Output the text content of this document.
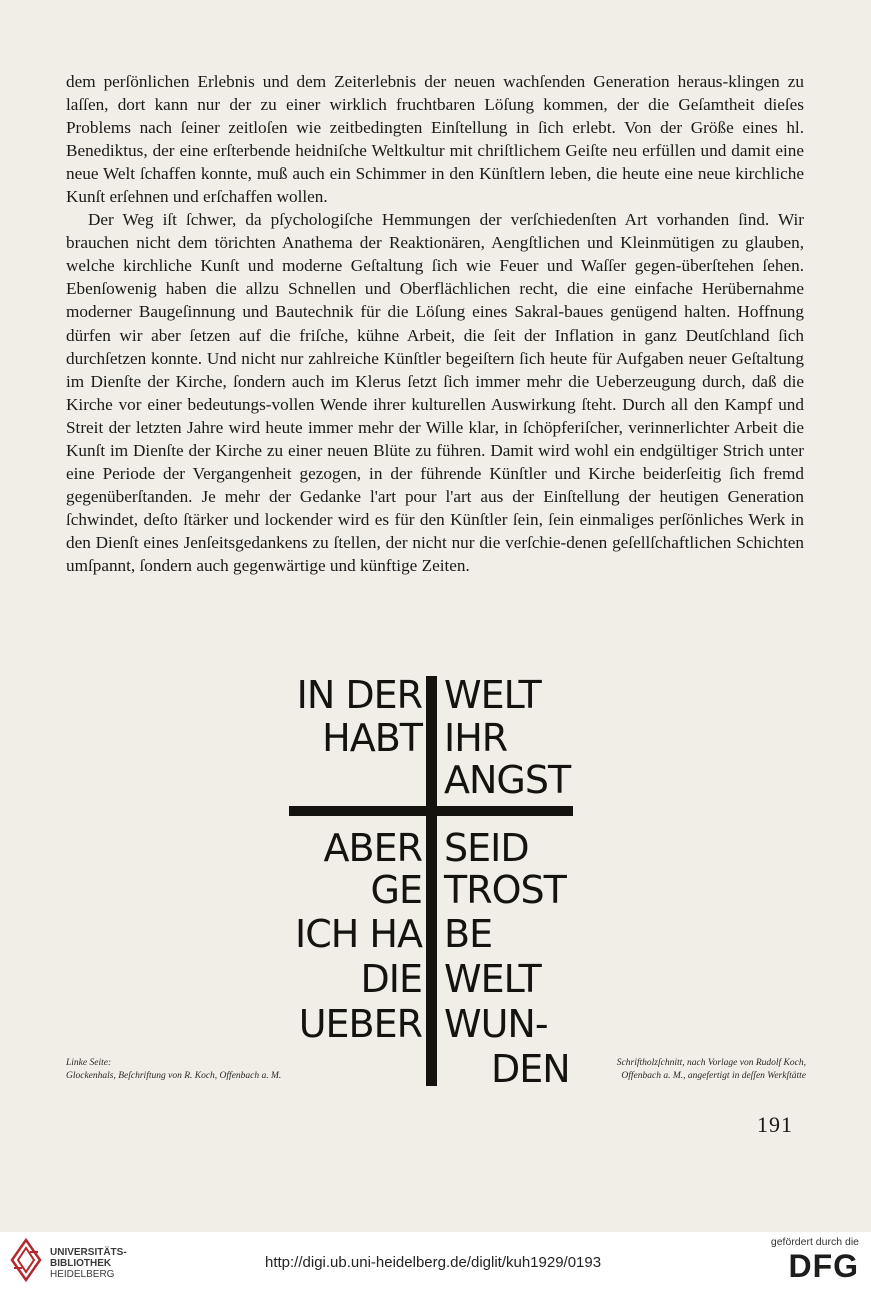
dem perſönlichen Erlebnis und dem Zeiterlebnis der neuen wachſenden Generation heraus-klingen zu laſſen, dort kann nur der zu einer wirklich fruchtbaren Löſung kommen, der die Geſamtheit dieſes Problems nach ſeiner zeitloſen wie zeitbedingten Einſtellung in ſich erlebt. Von der Größe eines hl. Benediktus, der eine erſterbende heidniſche Weltkultur mit chriſtlichem Geiſte neu erfüllen und damit eine neue Welt ſchaffen konnte, muß auch ein Schimmer in den Künſtlern leben, die heute eine neue kirchliche Kunſt erſehnen und erſchaffen wollen.

Der Weg iſt ſchwer, da pſychologiſche Hemmungen der verſchiedenſten Art vorhanden ſind. Wir brauchen nicht dem törichten Anathema der Reaktionären, Aengſtlichen und Kleinmütigen zu glauben, welche kirchliche Kunſt und moderne Geſtaltung ſich wie Feuer und Waſſer gegen-überſtehen ſehen. Ebenſowenig haben die allzu Schnellen und Oberflächlichen recht, die eine einfache Herübernahme moderner Baugeſinnung und Bautechnik für die Löſung eines Sakral-baues genügend halten. Hoffnung dürfen wir aber ſetzen auf die friſche, kühne Arbeit, die ſeit der Inflation in ganz Deutſchland ſich durchſetzen konnte. Und nicht nur zahlreiche Künſtler begeiſtern ſich heute für Aufgaben neuer Geſtaltung im Dienſte der Kirche, ſondern auch im Klerus ſetzt ſich immer mehr die Ueberzeugung durch, daß die Kirche vor einer bedeutungs-vollen Wende ihrer kulturellen Auswirkung ſteht. Durch all den Kampf und Streit der letzten Jahre wird heute immer mehr der Wille klar, in ſchöpferiſcher, verinnerlichter Arbeit die Kunſt im Dienſte der Kirche zu einer neuen Blüte zu führen. Damit wird wohl ein endgültiger Strich unter eine Periode der Vergangenheit gezogen, in der führende Künſtler und Kirche beiderſeitig ſich fremd gegenüberſtanden. Je mehr der Gedanke l'art pour l'art aus der Einſtellung der heutigen Generation ſchwindet, deſto ſtärker und lockender wird es für den Künſtler ſein, ſein einmaliges perſönliches Werk in den Dienſt eines Jenſeitsgedankens zu ſtellen, der nicht nur die verſchie-denen geſellſchaftlichen Schichten umſpannt, ſondern auch gegenwärtige und künftige Zeiten.

IN DER
HABT
ABER
GE
ICH HA
DIE
UEBER
WELT
IHR
ANGST
SEID
TROST
BE
WELT
WUN-
DEN
Linke Seite:
Glockenhals, Beſchriftung von R. Koch, Offenbach a. M.
Schriftholzſchnitt, nach Vorlage von Rudolf Koch,
Offenbach a. M., angefertigt in deſſen Werkſtätte
191
UNIVERSITÄTS-
BIBLIOTHEK
HEIDELBERG
http://digi.ub.uni-heidelberg.de/diglit/kuh1929/0193
gefördert durch die
DFG
